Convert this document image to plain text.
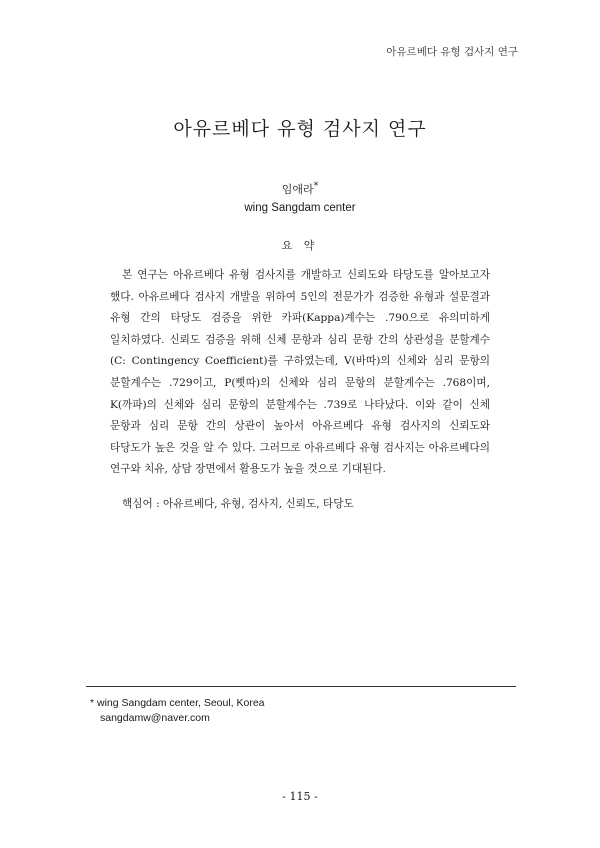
아유르베다 유형 검사지 연구
아유르베다 유형 검사지 연구
임애라*
wing Sangdam center
요 약

본 연구는 아유르베다 유형 검사지를 개발하고 신뢰도와 타당도를 알아보고자 했다. 아유르베다 검사지 개발을 위하여 5인의 전문가가 검증한 유형과 설문결과 유형 간의 타당도 검증을 위한 카파(Kappa)계수는 .790으로 유의미하게 일치하였다. 신뢰도 검증을 위해 신체 문항과 심리 문항 간의 상관성을 분할계수(C: Contingency Coefficient)를 구하였는데, V(바따)의 신체와 심리 문항의 분할계수는 .729이고, P(삣따)의 신체와 심리 문항의 분할계수는 .768이며, K(까파)의 신체와 심리 문항의 분할계수는 .739로 나타났다. 이와 같이 신체 문항과 심리 문항 간의 상관이 높아서 아유르베다 유형 검사지의 신뢰도와 타당도가 높은 것을 알 수 있다. 그러므로 아유르베다 유형 검사지는 아유르베다의 연구와 치유, 상담 장면에서 활용도가 높을 것으로 기대된다.

핵심어 : 아유르베다, 유형, 검사지, 신뢰도, 타당도
* wing Sangdam center, Seoul, Korea
sangdamw@naver.com
- 115 -
